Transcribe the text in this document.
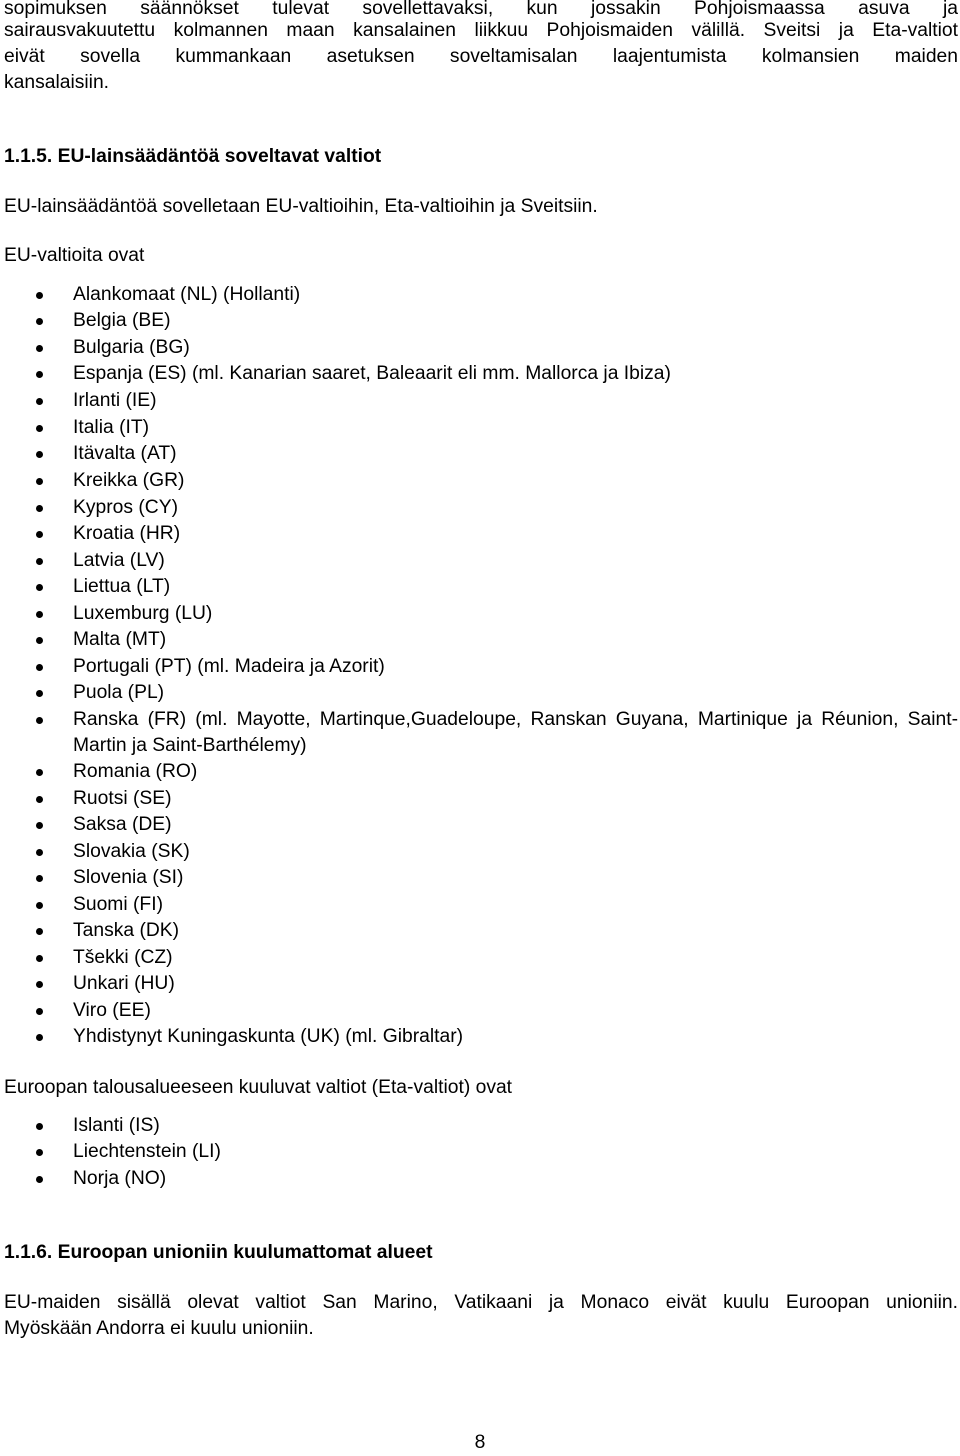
sopimuksen säännökset tulevat sovellettavaksi, kun jossakin Pohjoismaassa asuva ja

sairausvakuutettu kolmannen maan kansalainen liikkuu Pohjoismaiden välillä. Sveitsi ja Eta-valtiot

eivät sovella kummankaan asetuksen soveltamisalan laajentumista kolmansien maiden

kansalaisiin.

1.1.5. EU-lainsäädäntöä soveltavat valtiot

EU-lainsäädäntöä sovelletaan EU-valtioihin, Eta-valtioihin ja Sveitsiin.

EU-valtioita ovat

Alankomaat (NL) (Hollanti)
Belgia (BE)
Bulgaria (BG)
Espanja (ES) (ml. Kanarian saaret, Baleaarit eli mm. Mallorca ja Ibiza)
Irlanti (IE)
Italia (IT)
Itävalta (AT)
Kreikka (GR)
Kypros (CY)
Kroatia (HR)
Latvia (LV)
Liettua (LT)
Luxemburg (LU)
Malta (MT)
Portugali (PT) (ml. Madeira ja Azorit)
Puola (PL)
Ranska (FR) (ml. Mayotte, Martinque,Guadeloupe, Ranskan Guyana, Martinique ja Réunion, Saint-Martin ja Saint-Barthélemy)
Romania (RO)
Ruotsi (SE)
Saksa (DE)
Slovakia (SK)
Slovenia (SI)
Suomi (FI)
Tanska (DK)
Tšekki (CZ)
Unkari (HU)
Viro (EE)
Yhdistynyt Kuningaskunta (UK) (ml. Gibraltar)

Euroopan talousalueeseen kuuluvat valtiot (Eta-valtiot) ovat

Islanti (IS)
Liechtenstein (LI)
Norja (NO)
1.1.6. Euroopan unioniin kuulumattomat alueet

EU-maiden sisällä olevat valtiot San Marino, Vatikaani ja Monaco eivät kuulu Euroopan unioniin.

Myöskään Andorra ei kuulu unioniin.

8
